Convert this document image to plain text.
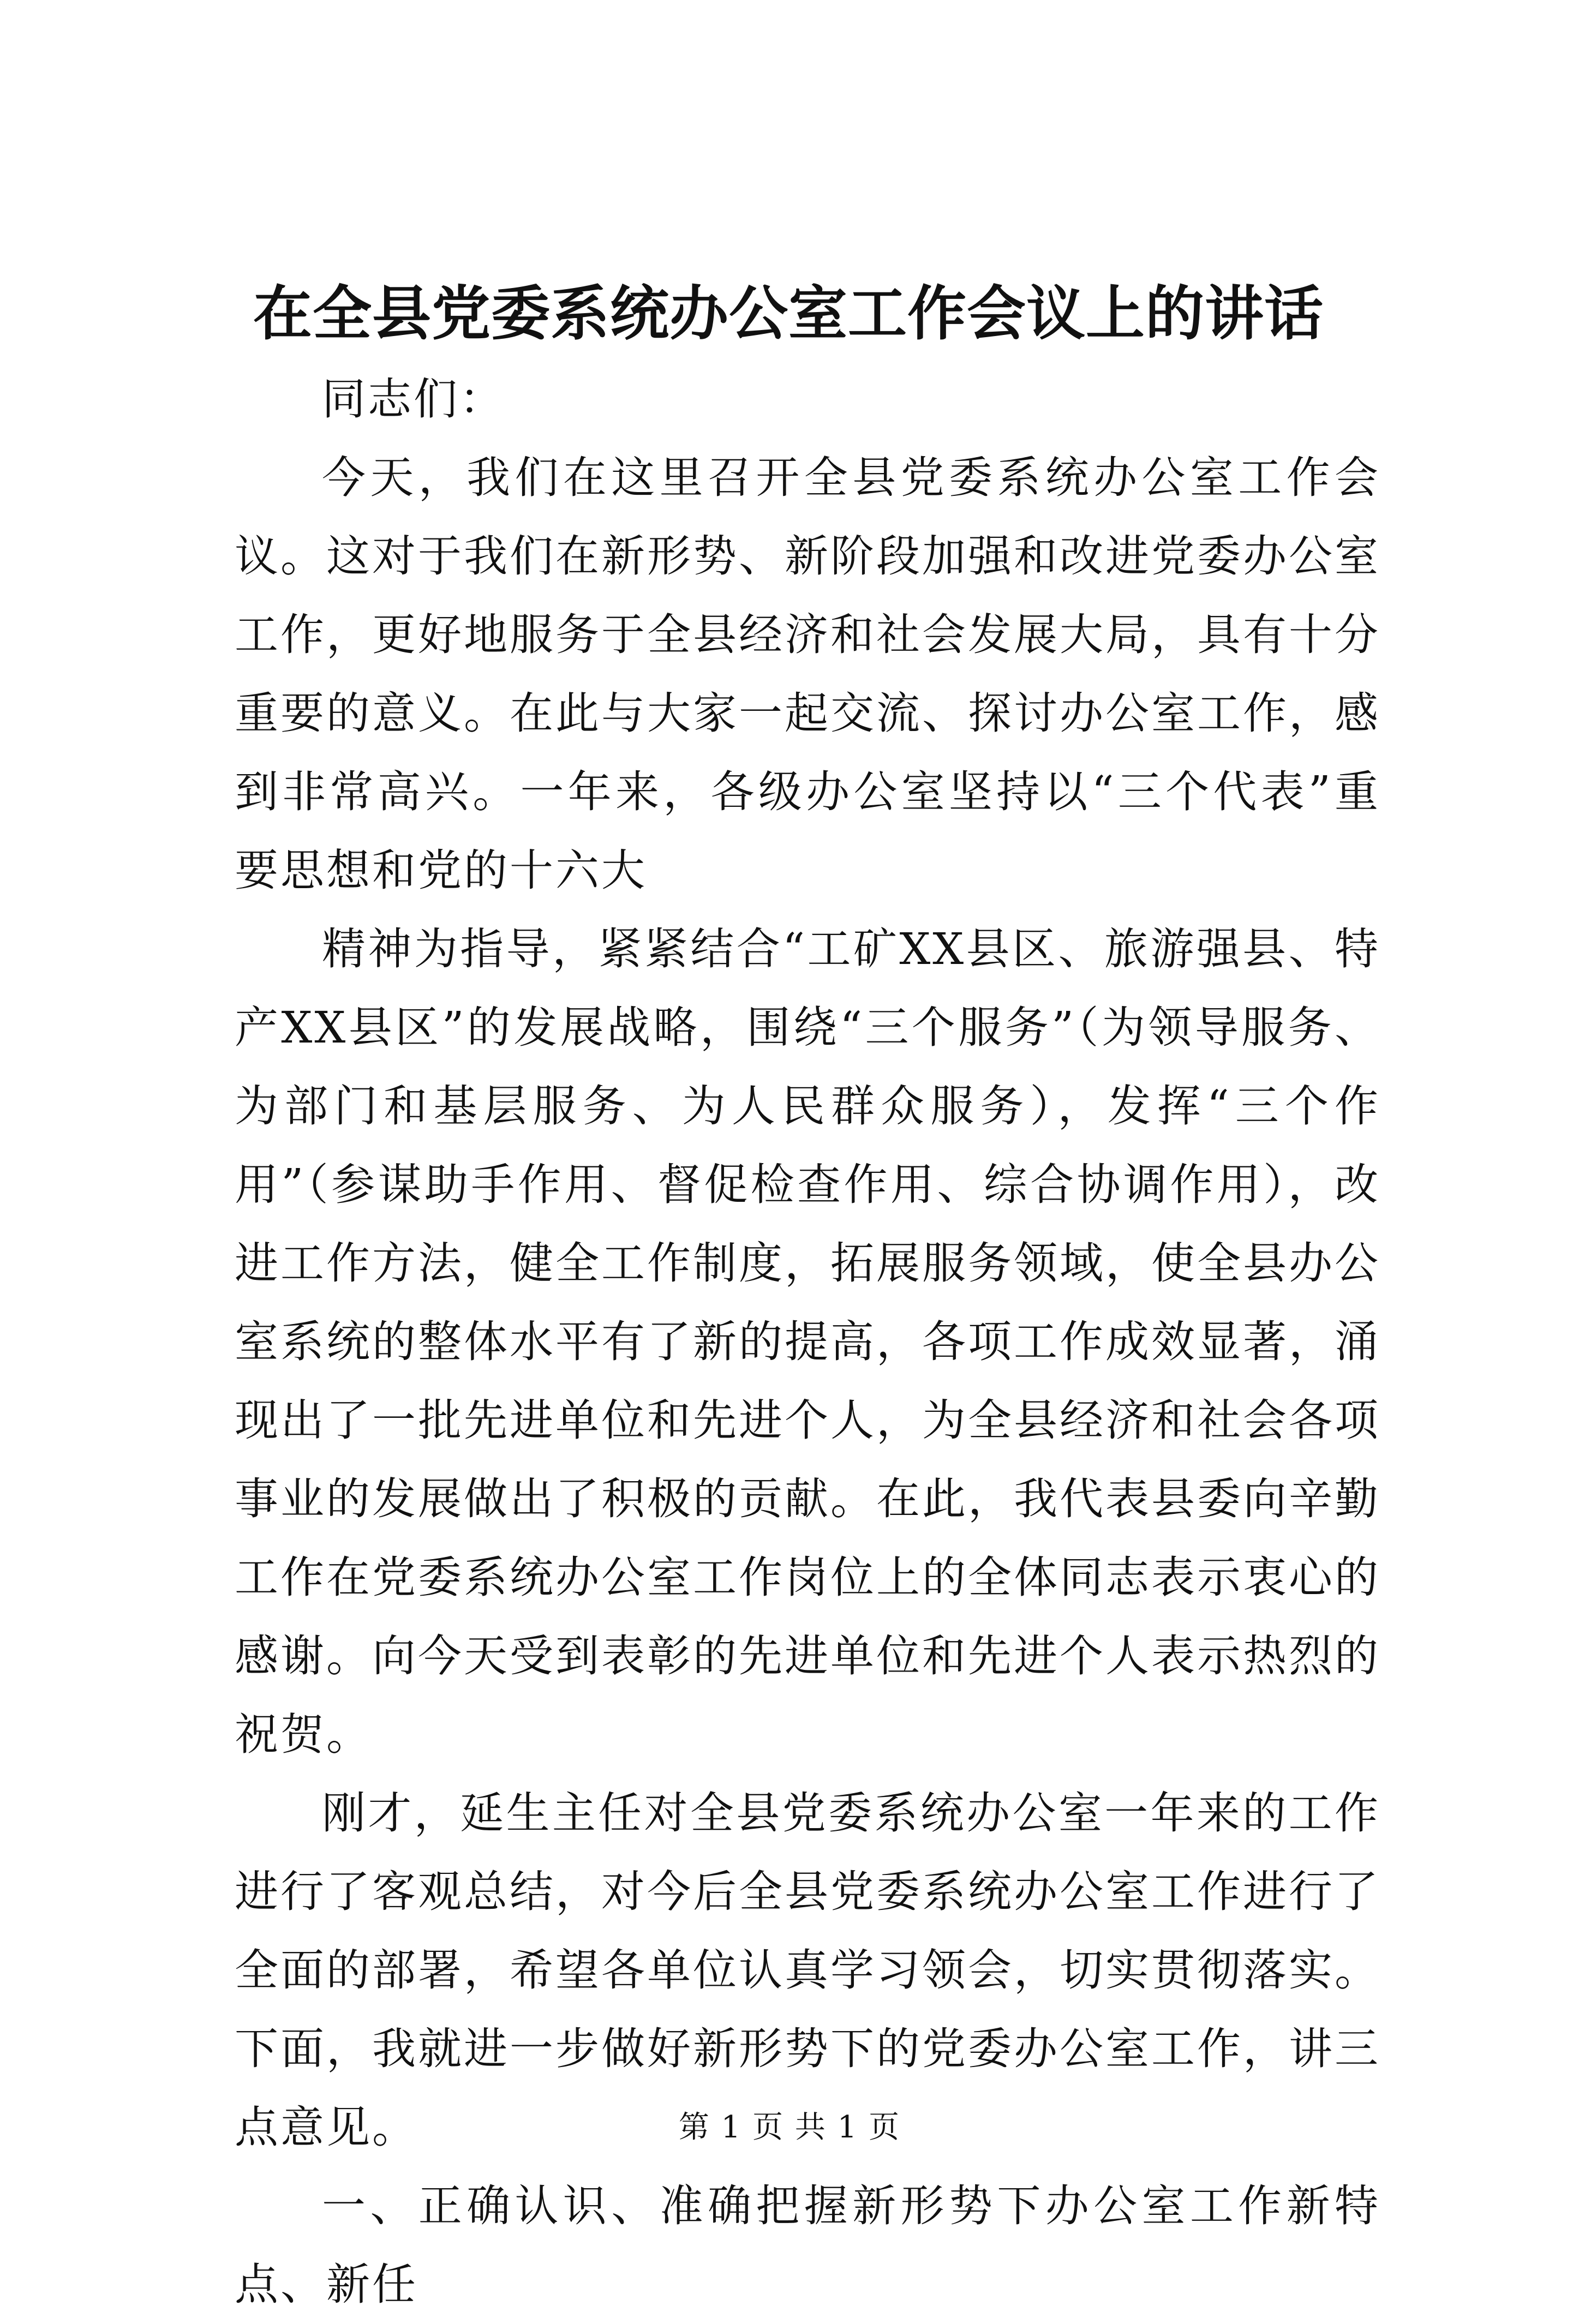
在全县党委系统办公室工作会议上的讲话

同志们：

今天，我们在这里召开全县党委系统办公室工作会议。这对于我们在新形势、新阶段加强和改进党委办公室工作，更好地服务于全县经济和社会发展大局，具有十分重要的意义。在此与大家一起交流、探讨办公室工作，感到非常高兴。一年来，各级办公室坚持以“三个代表”重要思想和党的十六大

精神为指导，紧紧结合“工矿XX县区、旅游强县、特产XX县区”的发展战略，围绕“三个服务”（为领导服务、为部门和基层服务、为人民群众服务），发挥“三个作用”（参谋助手作用、督促检查作用、综合协调作用），改进工作方法，健全工作制度，拓展服务领域，使全县办公室系统的整体水平有了新的提高，各项工作成效显著，涌现出了一批先进单位和先进个人，为全县经济和社会各项事业的发展做出了积极的贡献。在此，我代表县委向辛勤工作在党委系统办公室工作岗位上的全体同志表示衷心的感谢。向今天受到表彰的先进单位和先进个人表示热烈的祝贺。

刚才，延生主任对全县党委系统办公室一年来的工作进行了客观总结，对今后全县党委系统办公室工作进行了全面的部署，希望各单位认真学习领会，切实贯彻落实。下面，我就进一步做好新形势下的党委办公室工作，讲三点意见。

一、正确认识、准确把握新形势下办公室工作新特点、新任

第 1 页 共 1 页
